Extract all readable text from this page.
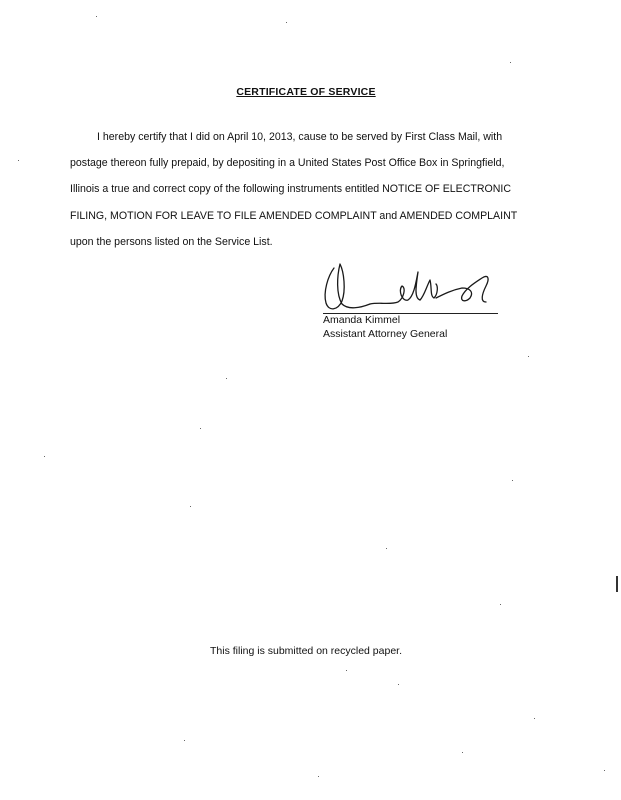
CERTIFICATE OF SERVICE
I hereby certify that I did on April 10, 2013, cause to be served by First Class Mail, with
postage thereon fully prepaid, by depositing in a United States Post Office Box in Springfield,
Illinois a true and correct copy of the following instruments entitled NOTICE OF ELECTRONIC
FILING, MOTION FOR LEAVE TO FILE AMENDED COMPLAINT and AMENDED COMPLAINT
upon the persons listed on the Service List.
Amanda Kimmel
Assistant Attorney General
This filing is submitted on recycled paper.
